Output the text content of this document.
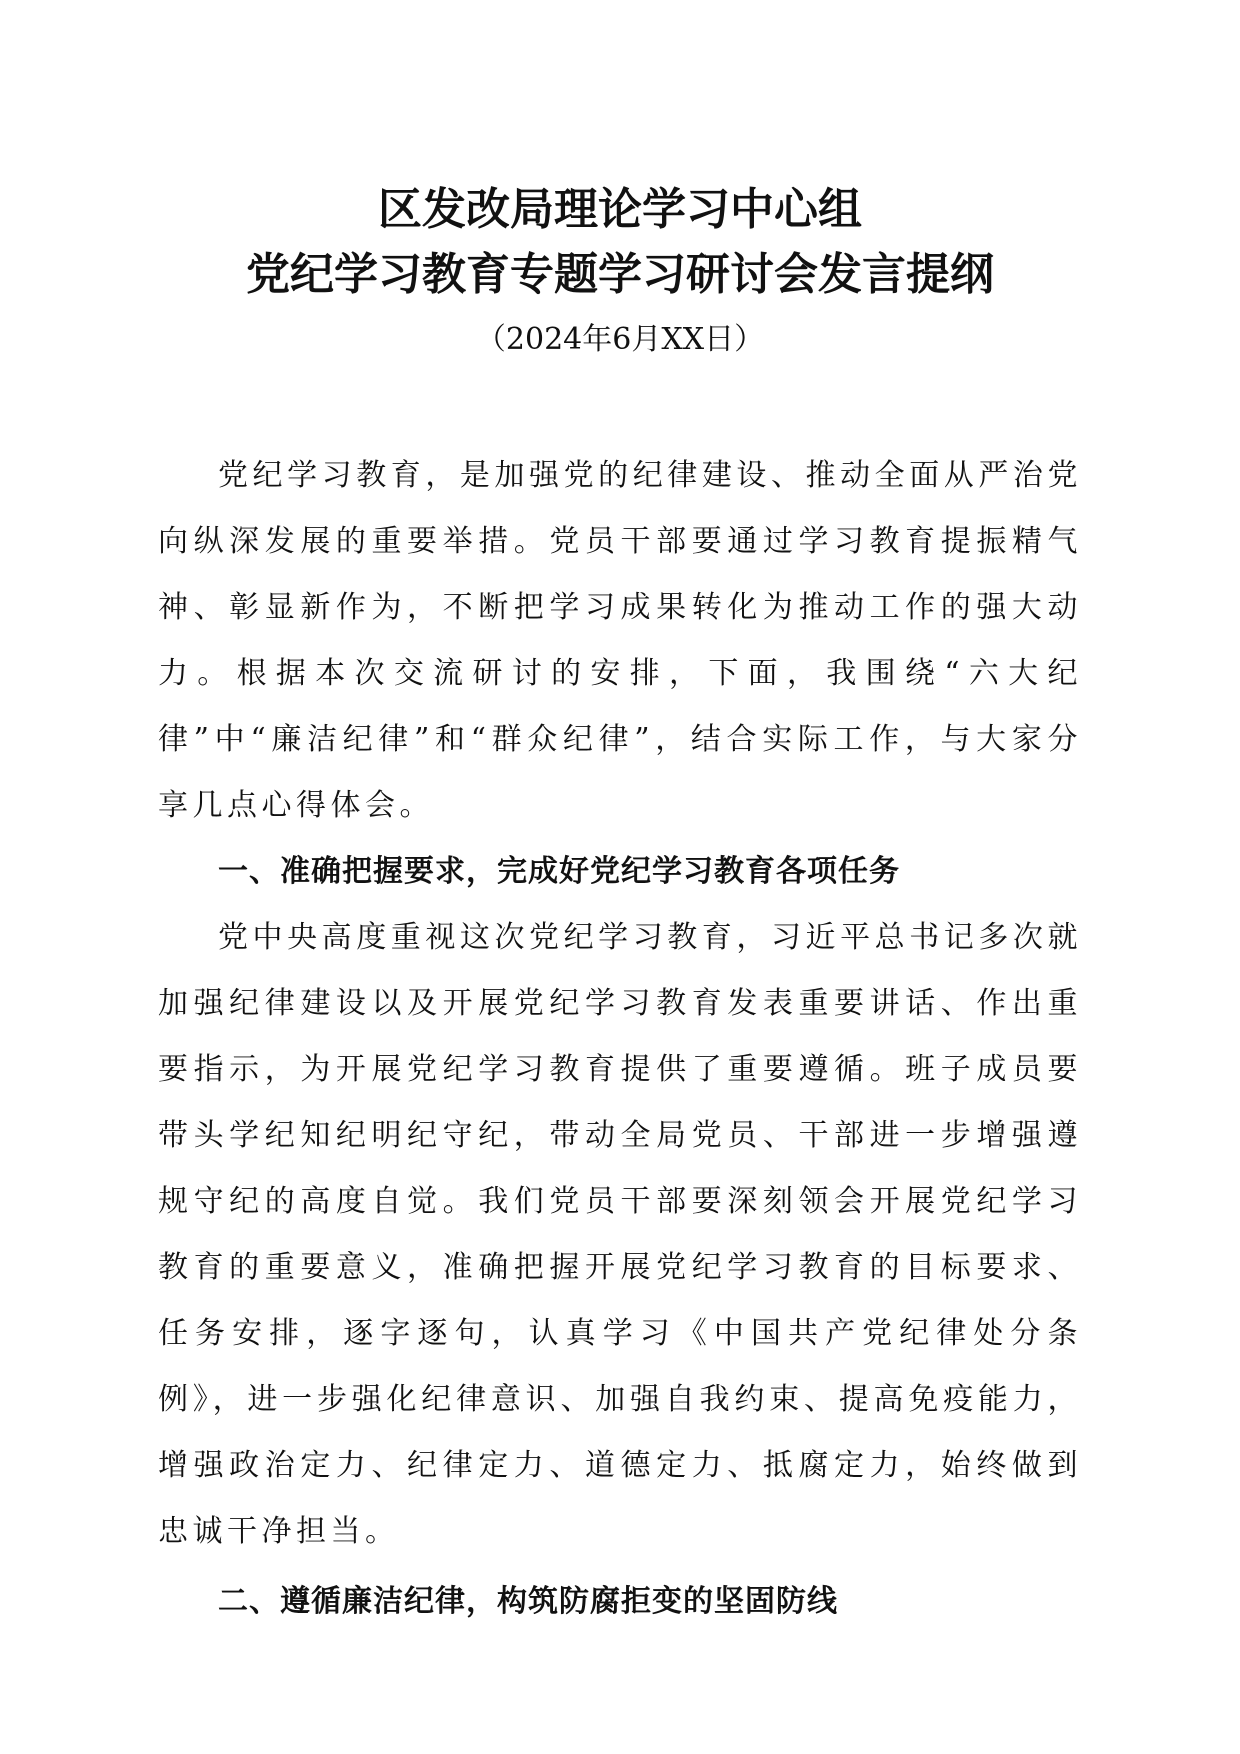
区发改局理论学习中心组
党纪学习教育专题学习研讨会发言提纲
（2024年6月XX日）

党纪学习教育，是加强党的纪律建设、推动全面从严治党向纵深发展的重要举措。党员干部要通过学习教育提振精气神、彰显新作为，不断把学习成果转化为推动工作的强大动力。根据本次交流研讨的安排，下面，我围绕“六大纪律”中“廉洁纪律”和“群众纪律”，结合实际工作，与大家分享几点心得体会。

一、准确把握要求，完成好党纪学习教育各项任务

党中央高度重视这次党纪学习教育，习近平总书记多次就加强纪律建设以及开展党纪学习教育发表重要讲话、作出重要指示，为开展党纪学习教育提供了重要遵循。班子成员要带头学纪知纪明纪守纪，带动全局党员、干部进一步增强遵规守纪的高度自觉。我们党员干部要深刻领会开展党纪学习教育的重要意义，准确把握开展党纪学习教育的目标要求、任务安排，逐字逐句，认真学习《中国共产党纪律处分条例》，进一步强化纪律意识、加强自我约束、提高免疫能力，增强政治定力、纪律定力、道德定力、抵腐定力，始终做到忠诚干净担当。

二、遵循廉洁纪律，构筑防腐拒变的坚固防线
